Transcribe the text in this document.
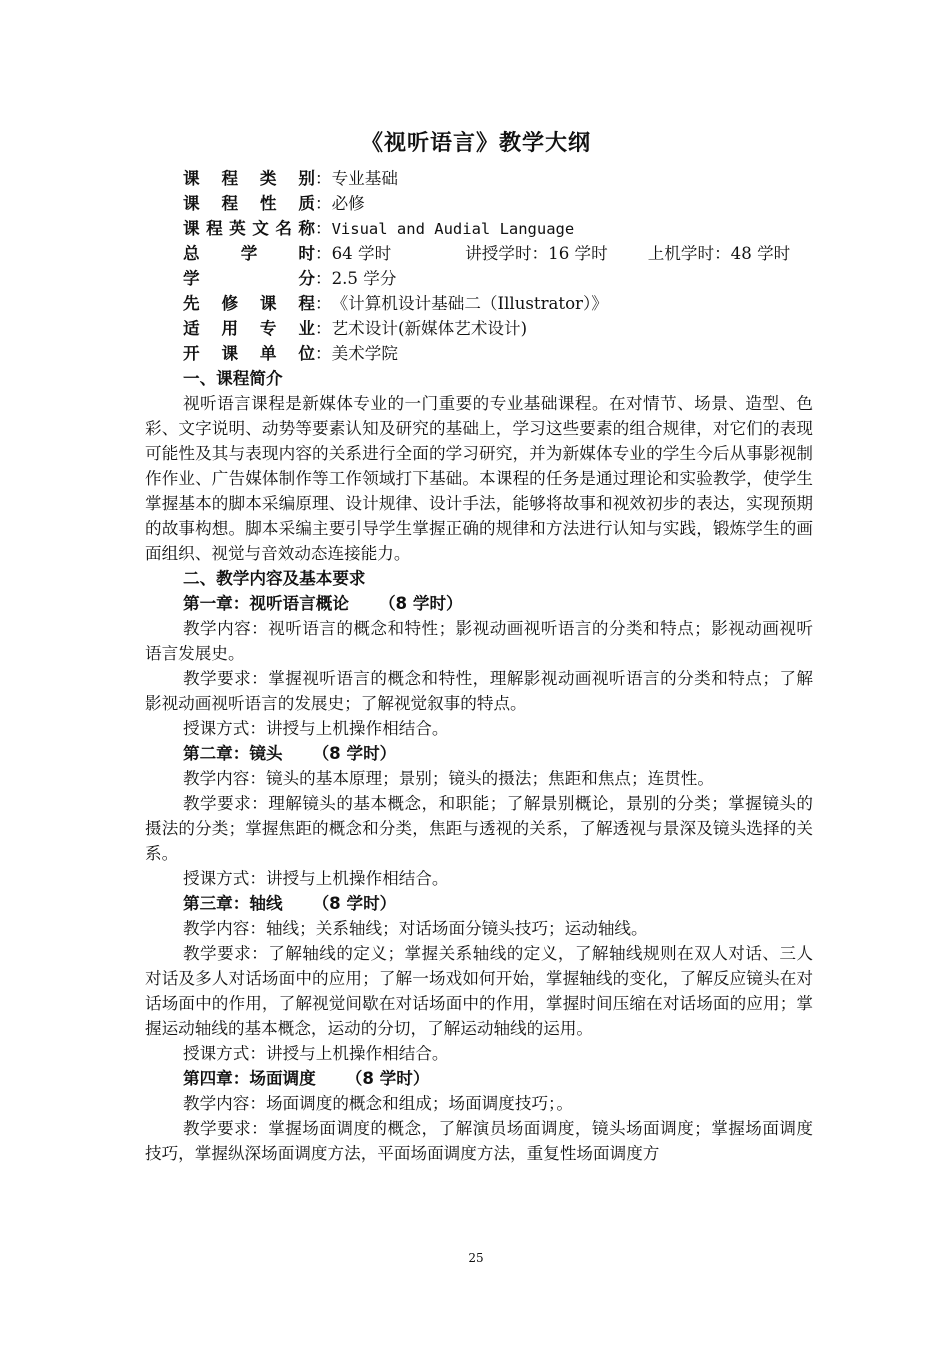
《视听语言》教学大纲
课 程 类 别：专业基础
课 程 性 质：必修
课程英文名称：Visual and Audial Language
总 学 时：64 学时	讲授学时：16 学时 上机学时：48 学时
学 分：2.5 学分
先 修 课 程：《计算机设计基础二（Illustrator）》
适 用 专 业：艺术设计(新媒体艺术设计)
开 课 单 位：美术学院
一、课程简介

视听语言课程是新媒体专业的一门重要的专业基础课程。在对情节、场景、造型、色彩、文字说明、动势等要素认知及研究的基础上，学习这些要素的组合规律，对它们的表现可能性及其与表现内容的关系进行全面的学习研究，并为新媒体专业的学生今后从事影视制作作业、广告媒体制作等工作领域打下基础。本课程的任务是通过理论和实验教学，使学生掌握基本的脚本采编原理、设计规律、设计手法，能够将故事和视效初步的表达，实现预期的故事构想。脚本采编主要引导学生掌握正确的规律和方法进行认知与实践，锻炼学生的画面组织、视觉与音效动态连接能力。

二、教学内容及基本要求
第一章：视听语言概论 （8 学时）

教学内容：视听语言的概念和特性；影视动画视听语言的分类和特点；影视动画视听语言发展史。

教学要求：掌握视听语言的概念和特性，理解影视动画视听语言的分类和特点；了解影视动画视听语言的发展史；了解视觉叙事的特点。

授课方式：讲授与上机操作相结合。

第二章：镜头 （8 学时）

教学内容：镜头的基本原理；景别；镜头的摄法；焦距和焦点；连贯性。

教学要求：理解镜头的基本概念，和职能；了解景别概论，景别的分类；掌握镜头的摄法的分类；掌握焦距的概念和分类，焦距与透视的关系，了解透视与景深及镜头选择的关系。

授课方式：讲授与上机操作相结合。

第三章：轴线 （8 学时）

教学内容：轴线；关系轴线；对话场面分镜头技巧；运动轴线。

教学要求：了解轴线的定义；掌握关系轴线的定义，了解轴线规则在双人对话、三人对话及多人对话场面中的应用；了解一场戏如何开始，掌握轴线的变化，了解反应镜头在对话场面中的作用，了解视觉间歇在对话场面中的作用，掌握时间压缩在对话场面的应用；掌握运动轴线的基本概念，运动的分切，了解运动轴线的运用。

授课方式：讲授与上机操作相结合。

第四章：场面调度 （8 学时）

教学内容：场面调度的概念和组成；场面调度技巧；。

教学要求：掌握场面调度的概念，了解演员场面调度，镜头场面调度；掌握场面调度技巧，掌握纵深场面调度方法，平面场面调度方法，重复性场面调度方

25
